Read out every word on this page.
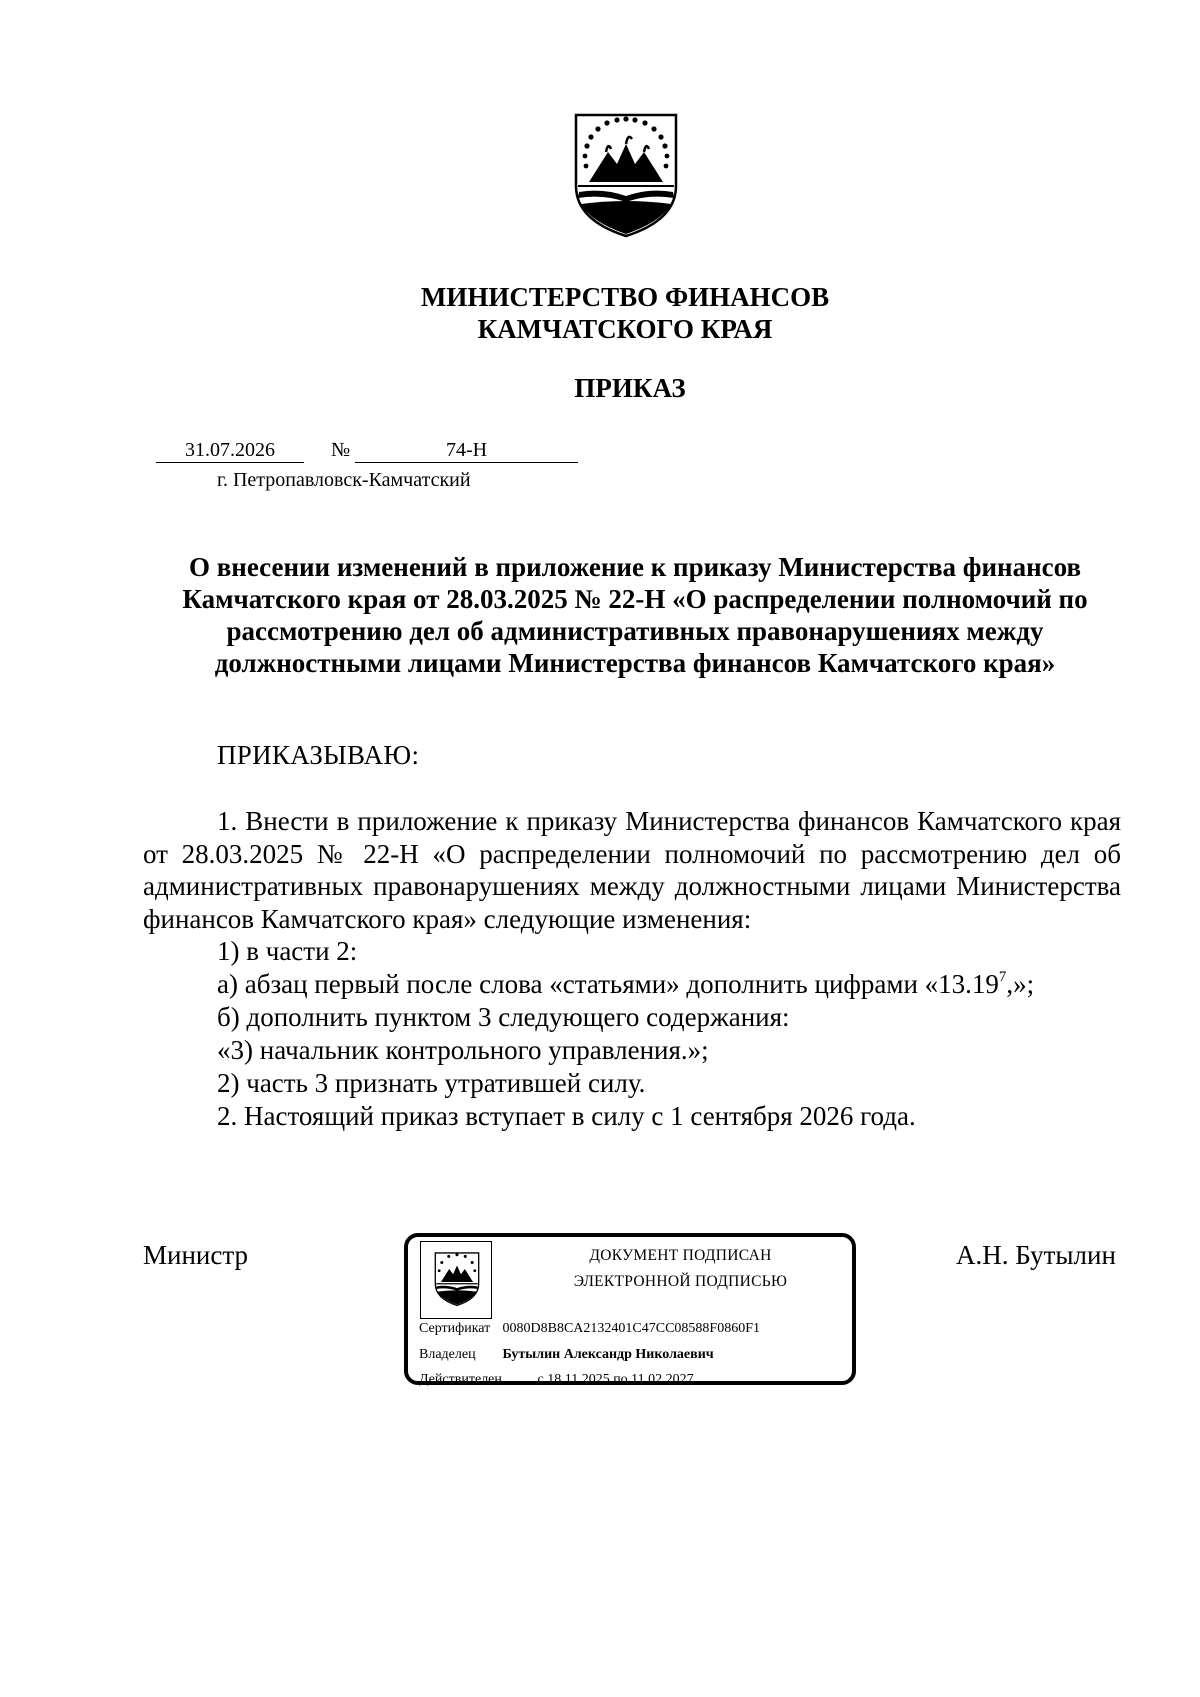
МИНИСТЕРСТВО ФИНАНСОВ
КАМЧАТСКОГО КРАЯ
ПРИКАЗ
31.07.2026	№	74-Н
г. Петропавловск-Камчатский
О внесении изменений в приложение к приказу Министерства финансов Камчатского края от 28.03.2025 № 22-Н «О распределении полномочий по рассмотрению дел об административных правонарушениях между должностными лицами Министерства финансов Камчатского края»
ПРИКАЗЫВАЮ:
1. Внести в приложение к приказу Министерства финансов Камчатского края от 28.03.2025 № 22-Н «О распределении полномочий по рассмотрению дел об административных правонарушениях между должностными лицами Министерства финансов Камчатского края» следующие изменения:
1) в части 2:
а) абзац первый после слова «статьями» дополнить цифрами «13.19$^7$,»;
б) дополнить пунктом 3 следующего содержания:
«3) начальник контрольного управления.»;
2) часть 3 признать утратившей силу.
2. Настоящий приказ вступает в силу с 1 сентября 2026 года.
Министр	А.Н. Бутылин
ДОКУМЕНТ ПОДПИСАН
ЭЛЕКТРОННОЙ ПОДПИСЬЮ
Сертификат 0080D8B8CA2132401C47CC08588F0860F1
Владелец Бутылин Александр Николаевич
Действителен	с 18.11.2025 по 11.02.2027
